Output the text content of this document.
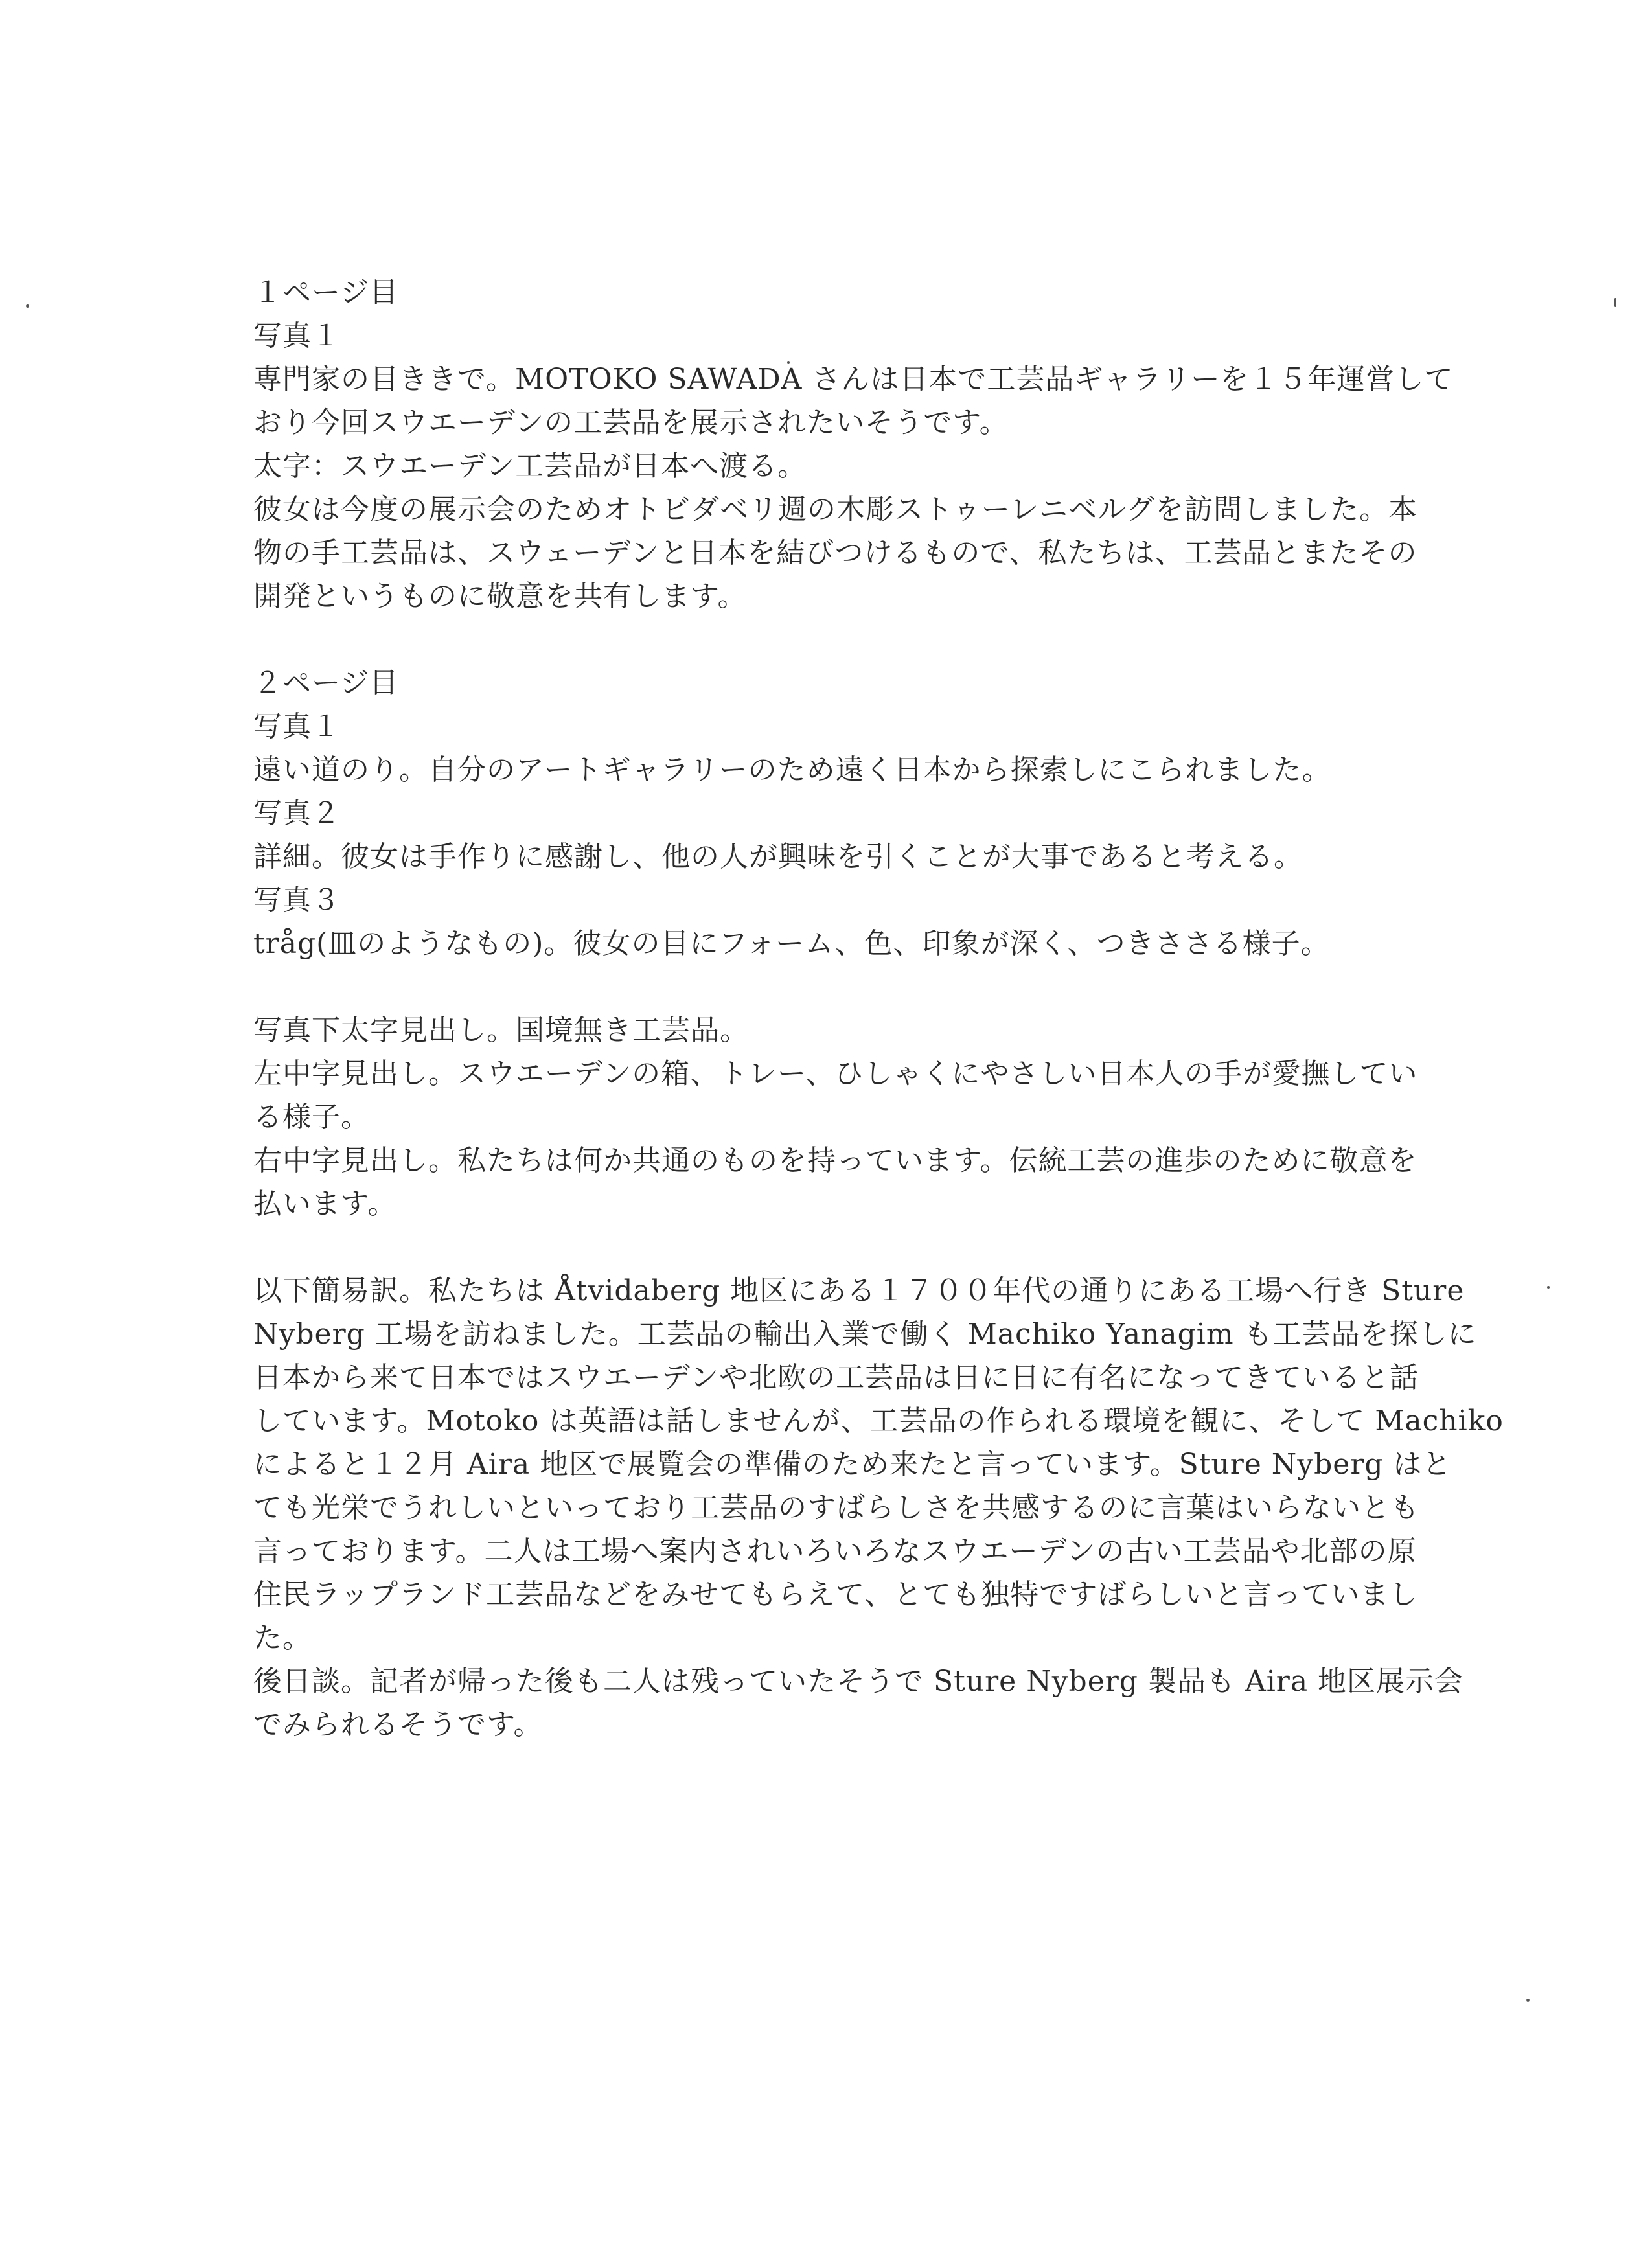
１ページ目
写真１
専門家の目ききで。MOTOKO SAWADA さんは日本で工芸品ギャラリーを１５年運営して
おり今回スウエーデンの工芸品を展示されたいそうです。
太字：スウエーデン工芸品が日本へ渡る。
彼女は今度の展示会のためオトビダベリ週の木彫ストゥーレニベルグを訪問しました。本
物の手工芸品は、スウェーデンと日本を結びつけるもので、私たちは、工芸品とまたその
開発というものに敬意を共有します。
２ページ目
写真１
遠い道のり。自分のアートギャラリーのため遠く日本から探索しにこられました。
写真２
詳細。彼女は手作りに感謝し、他の人が興味を引くことが大事であると考える。
写真３
tråg(皿のようなもの)。彼女の目にフォーム、色、印象が深く、つきささる様子。
写真下太字見出し。国境無き工芸品。
左中字見出し。スウエーデンの箱、トレー、ひしゃくにやさしい日本人の手が愛撫してい
る様子。
右中字見出し。私たちは何か共通のものを持っています。伝統工芸の進歩のために敬意を
払います。
以下簡易訳。私たちは Åtvidaberg 地区にある１７００年代の通りにある工場へ行き Sture
Nyberg 工場を訪ねました。工芸品の輸出入業で働く Machiko Yanagim も工芸品を探しに
日本から来て日本ではスウエーデンや北欧の工芸品は日に日に有名になってきていると話
しています。Motoko は英語は話しませんが、工芸品の作られる環境を観に、そして Machiko
によると１２月 Aira 地区で展覧会の準備のため来たと言っています。Sture Nyberg はと
ても光栄でうれしいといっており工芸品のすばらしさを共感するのに言葉はいらないとも
言っております。二人は工場へ案内されいろいろなスウエーデンの古い工芸品や北部の原
住民ラップランド工芸品などをみせてもらえて、とても独特ですばらしいと言っていまし
た。
後日談。記者が帰った後も二人は残っていたそうで Sture Nyberg 製品も Aira 地区展示会
でみられるそうです。
